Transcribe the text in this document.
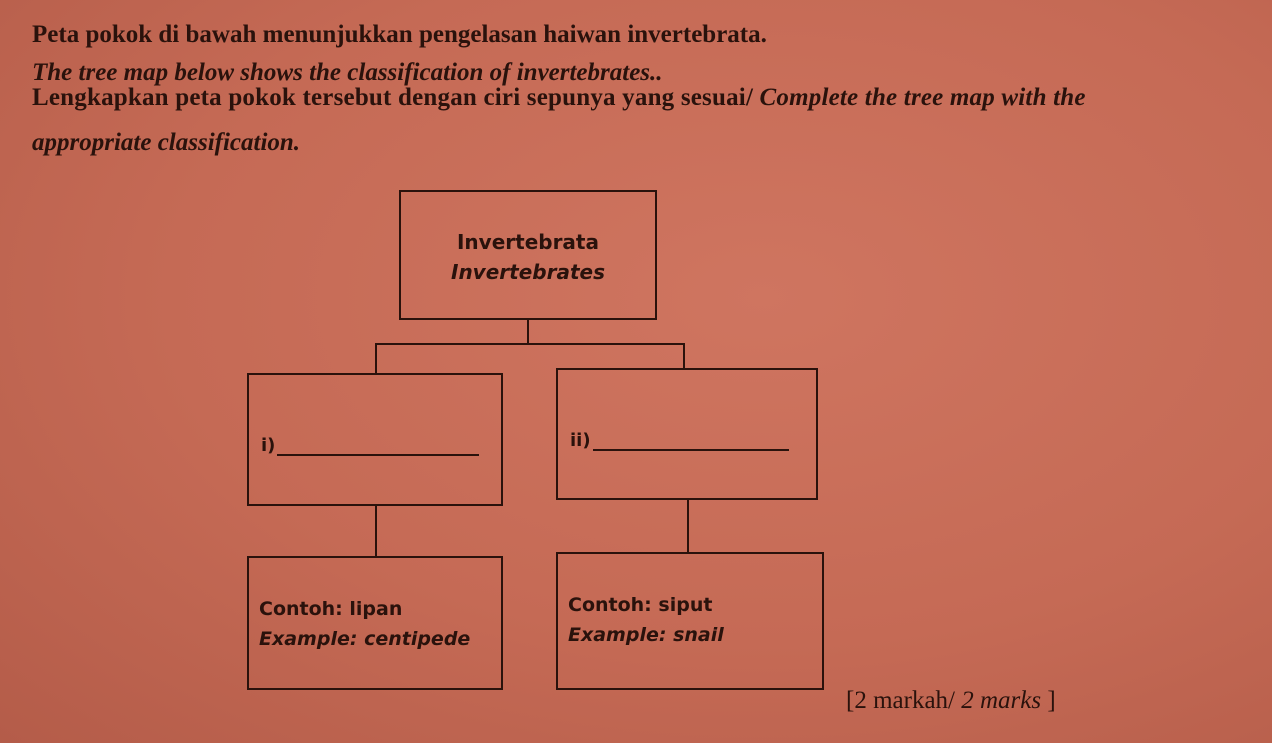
Peta pokok di bawah menunjukkan pengelasan haiwan invertebrata.
The tree map below shows the classification of invertebrates..
Lengkapkan peta pokok tersebut dengan ciri sepunya yang sesuai/ Complete the tree map with the
appropriate classification.
Invertebrata
Invertebrates
i)	ii)
Contoh: lipan
Example: centipede
Contoh: siput
Example: snail
[2 markah/ 2 marks ]
